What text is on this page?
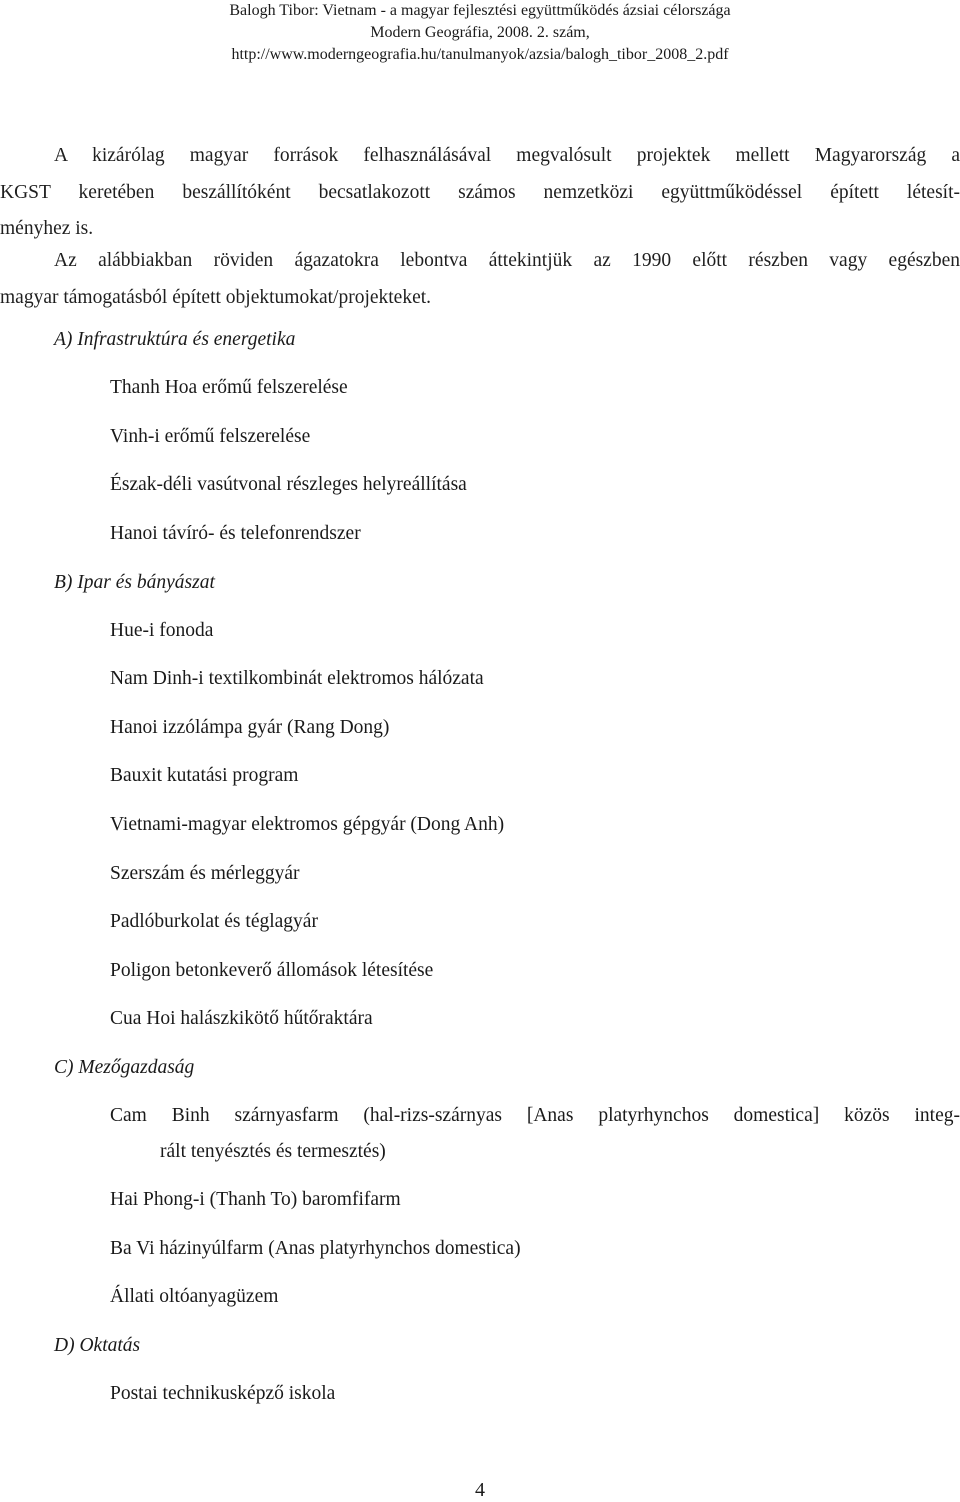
Balogh Tibor: Vietnam - a magyar fejlesztési együttműködés ázsiai célországa
Modern Geográfia, 2008. 2. szám,
http://www.moderngeografia.hu/tanulmanyok/azsia/balogh_tibor_2008_2.pdf
A kizárólag magyar források felhasználásával megvalósult projektek mellett Magyarország a
KGST keretében beszállítóként becsatlakozott számos nemzetközi együttműködéssel épített létesít-
ményhez is.
Az alábbiakban röviden ágazatokra lebontva áttekintjük az 1990 előtt részben vagy egészben
magyar támogatásból épített objektumokat/projekteket.
A) Infrastruktúra és energetika
Thanh Hoa erőmű felszerelése
Vinh-i erőmű felszerelése
Észak-déli vasútvonal részleges helyreállítása
Hanoi távíró- és telefonrendszer
B) Ipar és bányászat
Hue-i fonoda
Nam Dinh-i textilkombinát elektromos hálózata
Hanoi izzólámpa gyár (Rang Dong)
Bauxit kutatási program
Vietnami-magyar elektromos gépgyár (Dong Anh)
Szerszám és mérleggyár
Padlóburkolat és téglagyár
Poligon betonkeverő állomások létesítése
Cua Hoi halászkikötő hűtőraktára
C) Mezőgazdaság
Cam Binh szárnyasfarm (hal-rizs-szárnyas [Anas platyrhynchos domestica] közös integ-
rált tenyésztés és termesztés)
Hai Phong-i (Thanh To) baromfifarm
Ba Vi házinyúlfarm (Anas platyrhynchos domestica)
Állati oltóanyagüzem
D) Oktatás
Postai technikusképző iskola
4
